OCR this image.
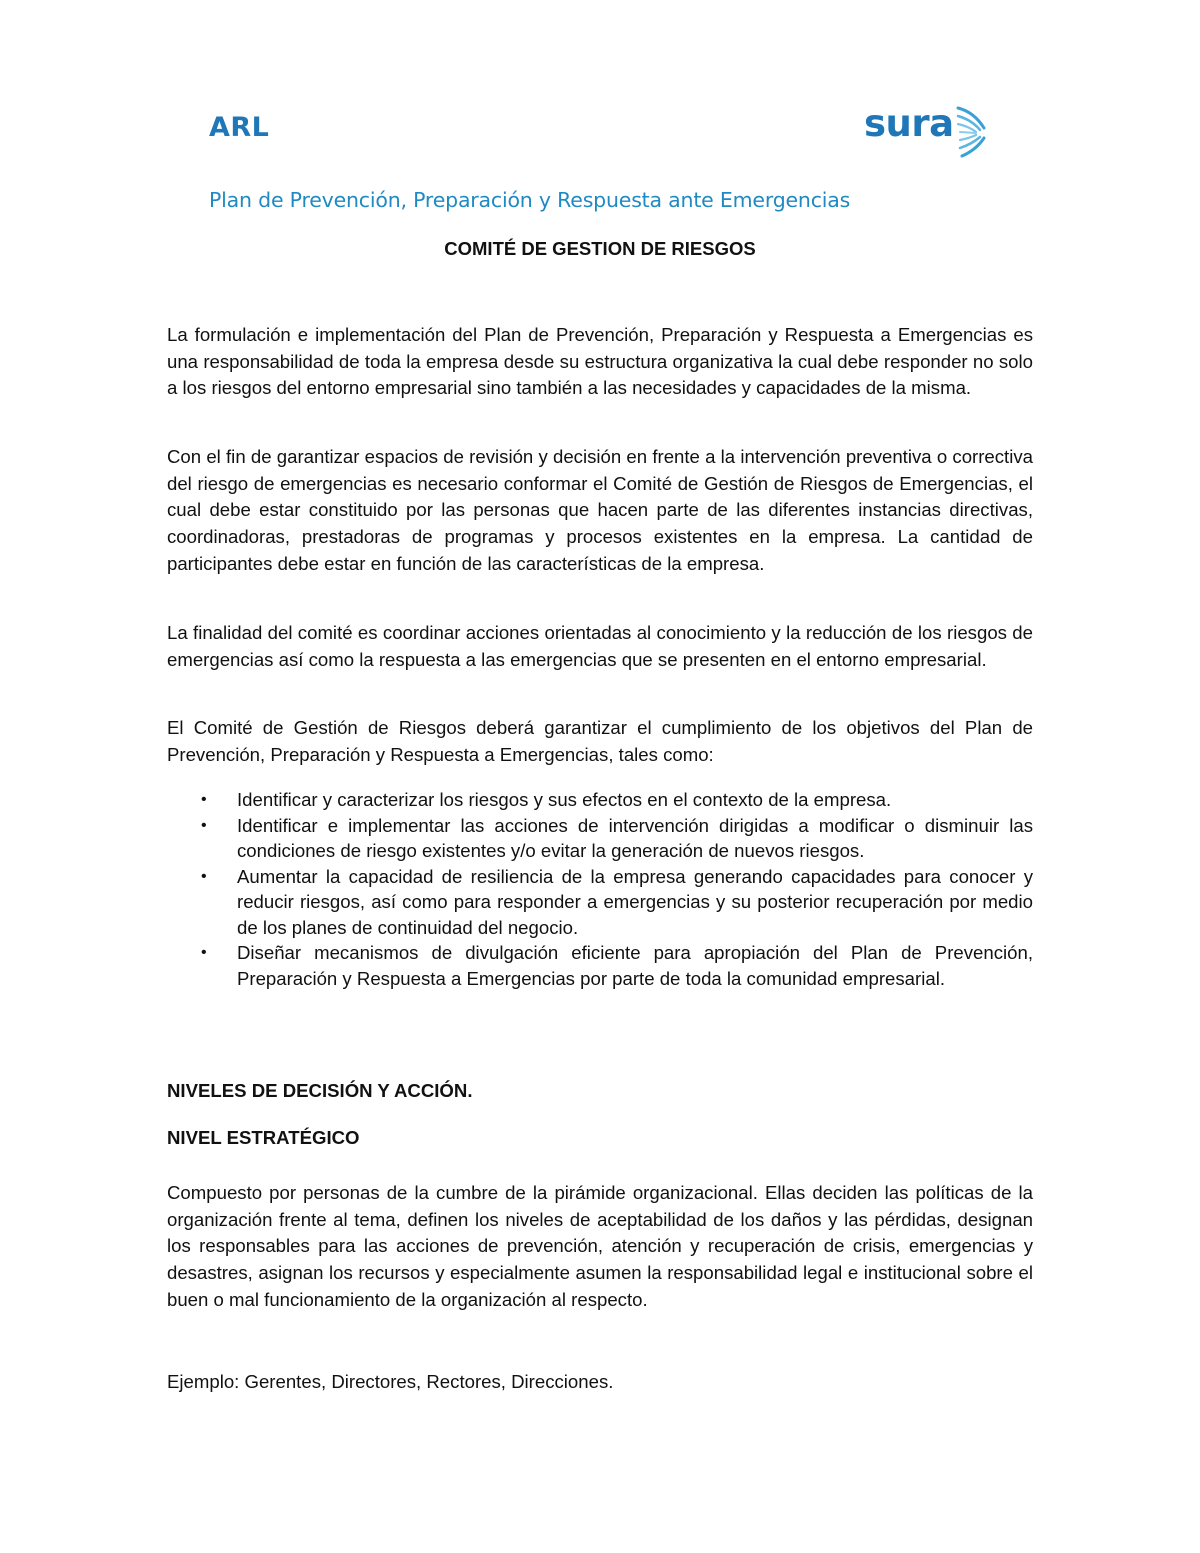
ARL	sura
Plan de Prevención, Preparación y Respuesta ante Emergencias
COMITÉ DE GESTION DE RIESGOS
La formulación e implementación del Plan de Prevención, Preparación y Respuesta a Emergencias es una responsabilidad de toda la empresa desde su estructura organizativa la cual debe responder no solo a los riesgos del entorno empresarial sino también a las necesidades y capacidades de la misma.
Con el fin de garantizar espacios de revisión y decisión en frente a la intervención preventiva o correctiva del riesgo de emergencias es necesario conformar el Comité de Gestión de Riesgos de Emergencias, el cual debe estar constituido por las personas que hacen parte de las diferentes instancias directivas, coordinadoras, prestadoras de programas y procesos existentes en la empresa. La cantidad de participantes debe estar en función de las características de la empresa.
La finalidad del comité es coordinar acciones orientadas al conocimiento y la reducción de los riesgos de emergencias así como la respuesta a las emergencias que se presenten en el entorno empresarial.
El Comité de Gestión de Riesgos deberá garantizar el cumplimiento de los objetivos del Plan de Prevención, Preparación y Respuesta a Emergencias, tales como:
• Identificar y caracterizar los riesgos y sus efectos en el contexto de la empresa.
• Identificar e implementar las acciones de intervención dirigidas a modificar o disminuir las condiciones de riesgo existentes y/o evitar la generación de nuevos riesgos.
• Aumentar la capacidad de resiliencia de la empresa generando capacidades para conocer y reducir riesgos, así como para responder a emergencias y su posterior recuperación por medio de los planes de continuidad del negocio.
• Diseñar mecanismos de divulgación eficiente para apropiación del Plan de Prevención, Preparación y Respuesta a Emergencias por parte de toda la comunidad empresarial.
NIVELES DE DECISIÓN Y ACCIÓN.
NIVEL ESTRATÉGICO
Compuesto por personas de la cumbre de la pirámide organizacional. Ellas deciden las políticas de la organización frente al tema, definen los niveles de aceptabilidad de los daños y las pérdidas, designan los responsables para las acciones de prevención, atención y recuperación de crisis, emergencias y desastres, asignan los recursos y especialmente asumen la responsabilidad legal e institucional sobre el buen o mal funcionamiento de la organización al respecto.
Ejemplo: Gerentes, Directores, Rectores, Direcciones.
